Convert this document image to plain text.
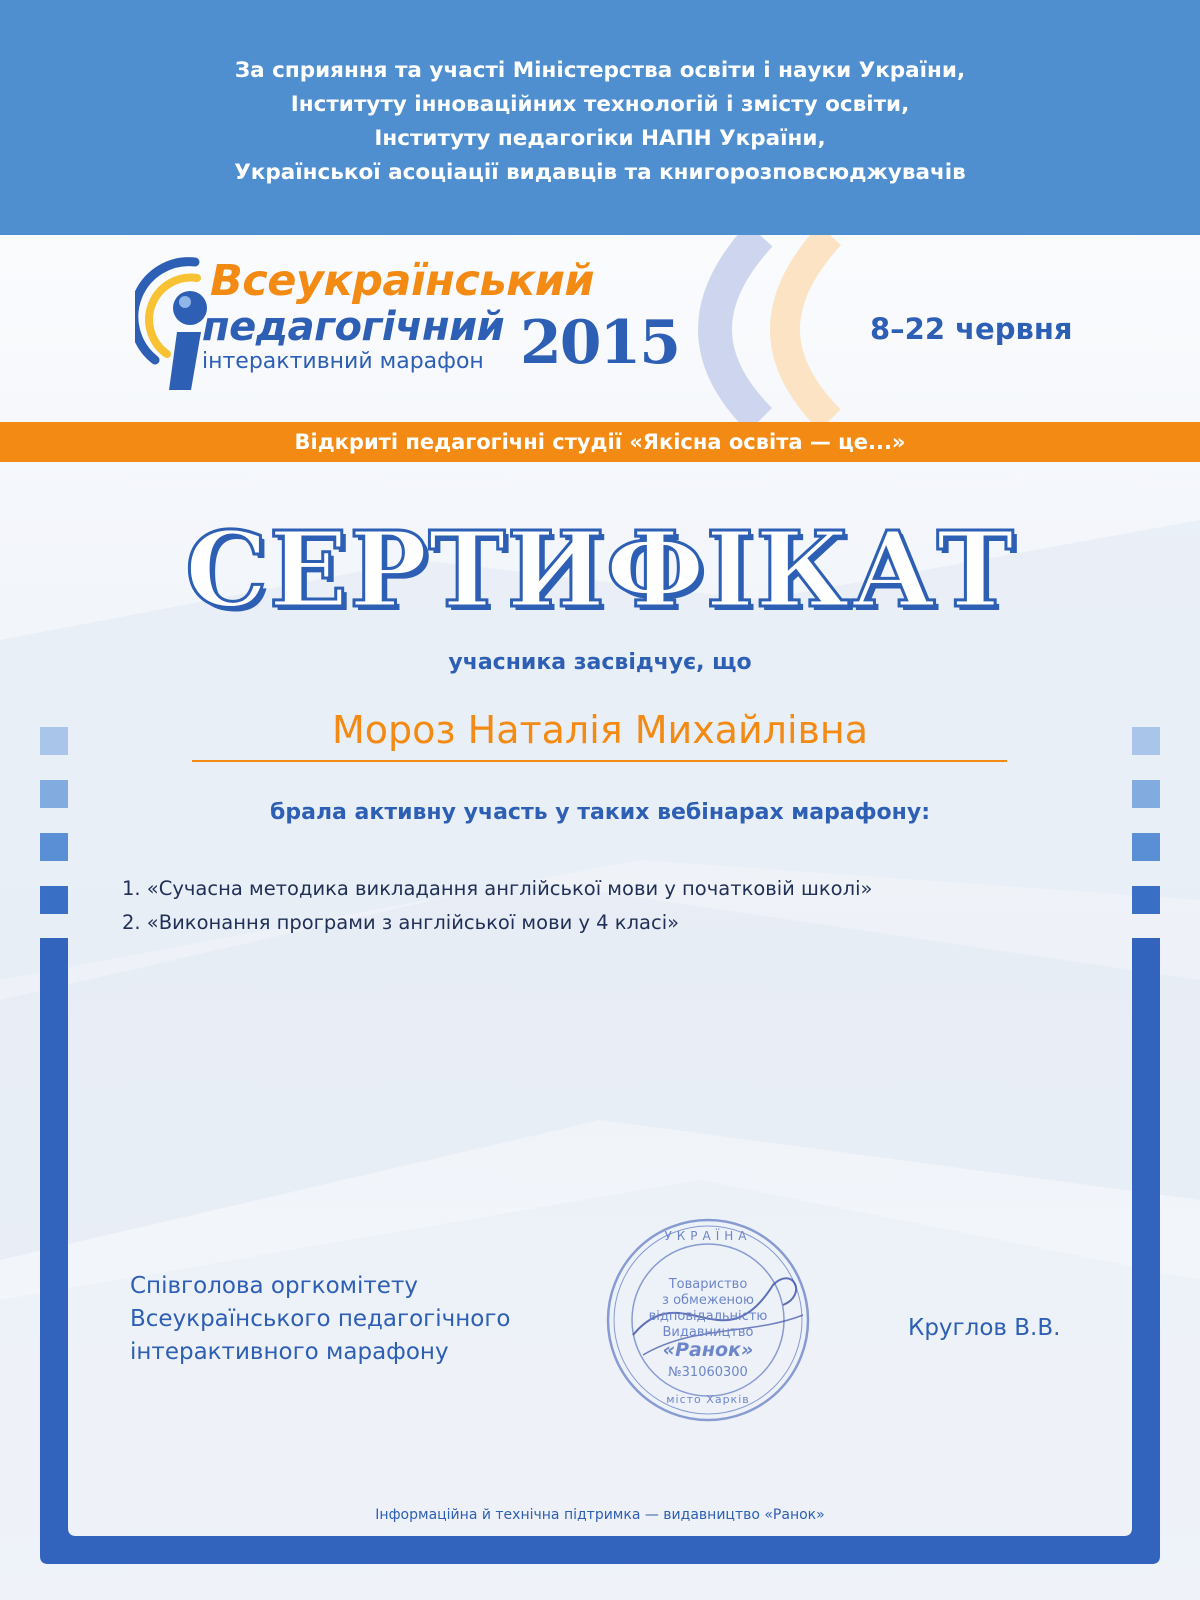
За сприяння та участі Міністерства освіти і науки України,
Інституту інноваційних технологій і змісту освіти,
Інституту педагогіки НАПН України,
Української асоціації видавців та книгорозповсюджувачів
Всеукраїнський
педагогічний
інтерактивний марафон 2015	8–22 червня
Відкриті педагогічні студії «Якісна освіта — це...»
СЕРТИФІКАТ
учасника засвідчує, що
Мороз Наталія Михайлівна
брала активну участь у таких вебінарах марафону:
1. «Сучасна методика викладання англійської мови у початковій школі»
2. «Виконання програми з англійської мови у 4 класі»
Співголова оргкомітету
Всеукраїнського педагогічного
інтерактивного марафону
УКРАЇНА
Товариство
з обмеженою
відповідальністю
Видавництво
«Ранок»
№31060300
місто Харків
Круглов В.В.
Інформаційна й технічна підтримка — видавництво «Ранок»
